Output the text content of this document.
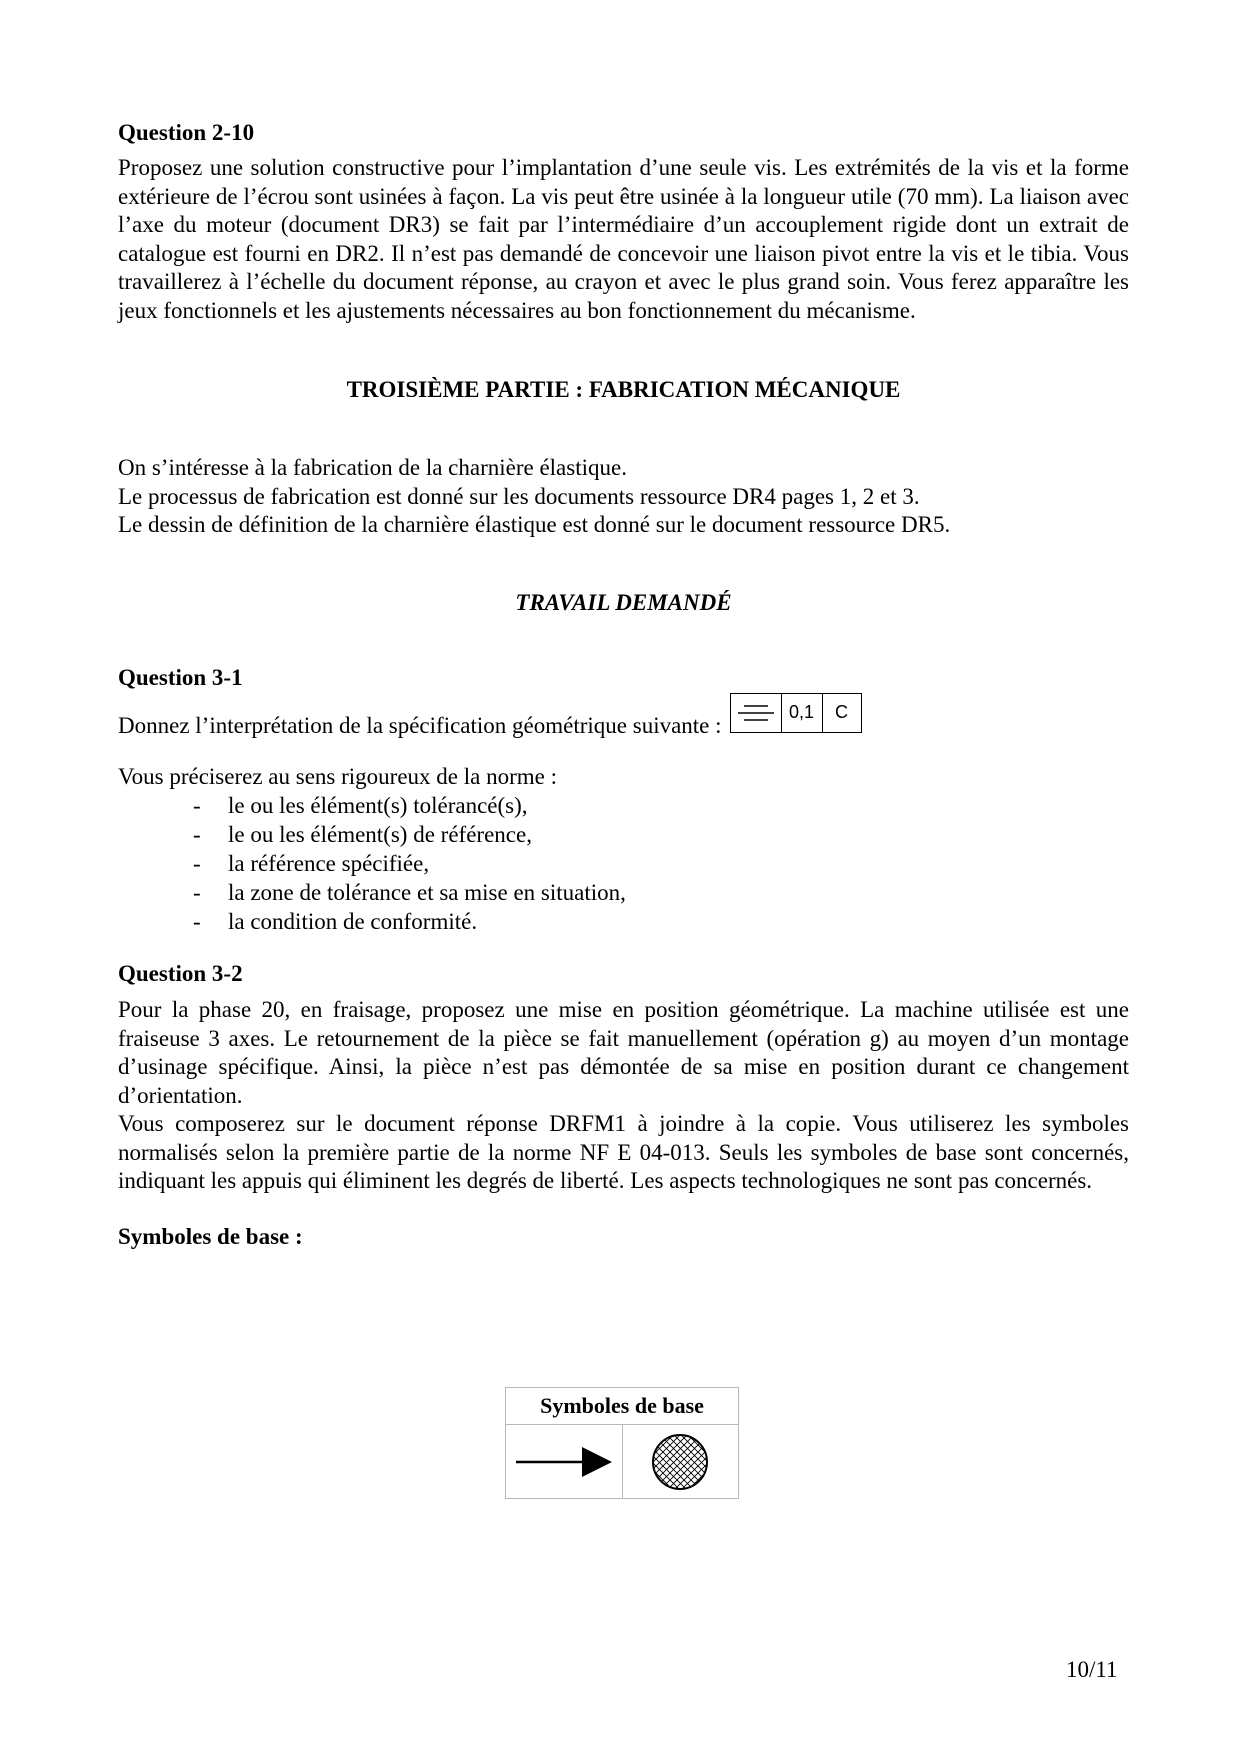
Question 2-10

Proposez une solution constructive pour l’implantation d’une seule vis. Les extrémités de la vis et la forme extérieure de l’écrou sont usinées à façon. La vis peut être usinée à la longueur utile (70 mm). La liaison avec l’axe du moteur (document DR3) se fait par l’intermédiaire d’un accouplement rigide dont un extrait de catalogue est fourni en DR2. Il n’est pas demandé de concevoir une liaison pivot entre la vis et le tibia. Vous travaillerez à l’échelle du document réponse, au crayon et avec le plus grand soin. Vous ferez apparaître les jeux fonctionnels et les ajustements nécessaires au bon fonctionnement du mécanisme.

TROISIÈME PARTIE : FABRICATION MÉCANIQUE

On s’intéresse à la fabrication de la charnière élastique.

Le processus de fabrication est donné sur les documents ressource DR4 pages 1, 2 et 3.

Le dessin de définition de la charnière élastique est donné sur le document ressource DR5.

TRAVAIL DEMANDÉ

Question 3-1

Donnez l’interprétation de la spécification géométrique suivante :
0,1	C

Vous préciserez au sens rigoureux de la norme :

- le ou les élément(s) tolérancé(s),
- le ou les élément(s) de référence,
- la référence spécifiée,
- la zone de tolérance et sa mise en situation,
- la condition de conformité.

Question 3-2

Pour la phase 20, en fraisage, proposez une mise en position géométrique. La machine utilisée est une fraiseuse 3 axes. Le retournement de la pièce se fait manuellement (opération g) au moyen d’un montage d’usinage spécifique. Ainsi, la pièce n’est pas démontée de sa mise en position durant ce changement d’orientation.

Vous composerez sur le document réponse DRFM1 à joindre à la copie. Vous utiliserez les symboles normalisés selon la première partie de la norme NF E 04-013. Seuls les symboles de base sont concernés, indiquant les appuis qui éliminent les degrés de liberté. Les aspects technologiques ne sont pas concernés.

Symboles de base :

Symboles de base
10/11
